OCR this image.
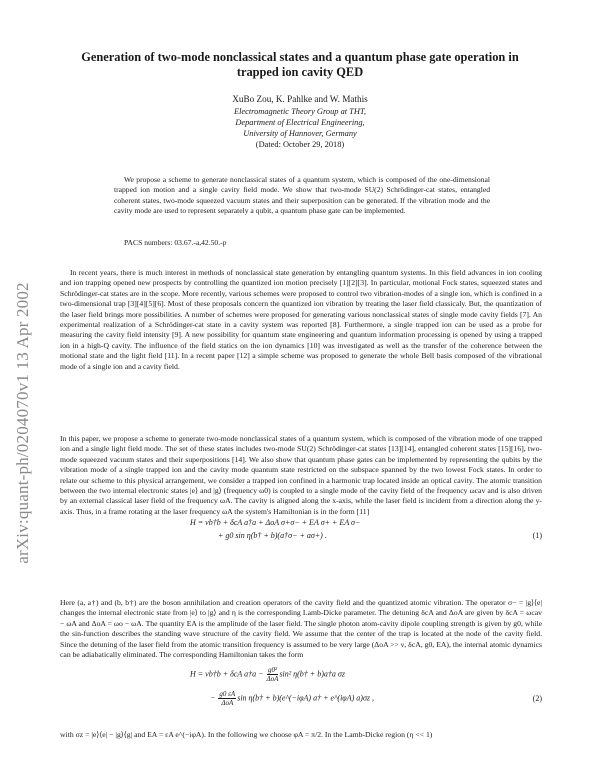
arXiv:quant-ph/0204070v1 13 Apr 2002
Generation of two-mode nonclassical states and a quantum phase gate operation in
trapped ion cavity QED
XuBo Zou, K. Pahlke and W. Mathis
Electromagnetic Theory Group at THT,
Department of Electrical Engineering,
University of Hannover, Germany
(Dated: October 29, 2018)
We propose a scheme to generate nonclassical states of a quantum system, which is composed of the one-dimensional trapped ion motion and a single cavity field mode. We show that two-mode SU(2) Schrödinger-cat states, entangled coherent states, two-mode squeezed vacuum states and their superposition can be generated. If the vibration mode and the cavity mode are used to represent separately a qubit, a quantum phase gate can be implemented.
PACS numbers: 03.67.-a,42.50.-p
In recent years, there is much interest in methods of nonclassical state generation by entangling quantum systems. In this field advances in ion cooling and ion trapping opened new prospects by controlling the quantized ion motion precisely [1][2][3]. In particular, motional Fock states, squeezed states and Schrödinger-cat states are in the scope. More recently, various schemes were proposed to control two vibration-modes of a single ion, which is confined in a two-dimensional trap [3][4][5][6]. Most of these proposals concern the quantized ion vibration by treating the laser field classicaly. But, the quantization of the laser field brings more possibilities. A number of schemes were proposed for generating various nonclassical states of single mode cavity fields [7]. An experimental realization of a Schrödinger-cat state in a cavity system was reported [8]. Furthermore, a single trapped ion can be used as a probe for measuring the cavity field intensity [9]. A new possibility for quantum state engineering and quantum information processing is opened by using a trapped ion in a high-Q cavity. The influence of the field statics on the ion dynamics [10] was investigated as well as the transfer of the coherence between the motional state and the light field [11]. In a recent paper [12] a simple scheme was proposed to generate the whole Bell basis composed of the vibrational mode of a single ion and a cavity field.
In this paper, we propose a scheme to generate two-mode nonclassical states of a quantum system, which is composed of the vibration mode of one trapped ion and a single light field mode. The set of these states includes two-mode SU(2) Schrödinger-cat states [13][14], entangled coherent states [15][16], two-mode squeezed vacuum states and their superpositions [14]. We also show that quantum phase gates can be implemented by representing the qubits by the vibration mode of a single trapped ion and the cavity mode quantum state restricted on the subspace spanned by the two lowest Fock states. In order to relate our scheme to this physical arrangement, we consider a trapped ion confined in a harmonic trap located inside an optical cavity. The atomic transition between the two internal electronic states |e⟩ and |g⟩ (frequency ω0) is coupled to a single mode of the cavity field of the frequency ωcav and is also driven by an external classical laser field of the frequency ωA. The cavity is aligned along the x-axis, while the laser field is incident from a direction along the y-axis. Thus, in a frame rotating at the laser frequency ωA the system's Hamiltonian is in the form [11]
H = νb†b + δcA a†a + ΔoA σ+σ− + EA σ+ + EA σ−
+ g0 sin η(b† + b)(a†σ− + aσ+) .	(1)
Here (a, a†) and (b, b†) are the boson annihilation and creation operators of the cavity field and the quantized atomic vibration. The operator σ− = |g⟩⟨e| changes the internal electronic state from |e⟩ to |g⟩ and η is the corresponding Lamb-Dicke parameter. The detuning δcA and ΔoA are given by δcA = ωcav − ωA and ΔoA = ωo − ωA. The quantity EA is the amplitude of the laser field. The single photon atom-cavity dipole coupling strength is given by g0, while the sin-function describes the standing wave structure of the cavity field. We assume that the center of the trap is located at the node of the cavity field. Since the detuning of the laser field from the atomic transition frequency is assumed to be very large (ΔoA >> ν, δcA, g0, EA), the internal atomic dynamics can be adiabatically eliminated. The corresponding Hamiltonian takes the form
H = νb†b + δcA a†a − $\frac{\text{g0²}}{\text{ΔoA}} \sin^2$ η(b† + b)a†a σz
− $\frac{g0 \varepsilon A}{\text{ΔoA}}$ sin η(b† + b)(e^(−iφA) a† + e^(iφA) a)σz ,	(2)
with σz = |e⟩⟨e| − |g⟩⟨g| and EA = εA e^(−iφA). In the following we choose φA = π/2. In the Lamb-Dicke region (η << 1)
